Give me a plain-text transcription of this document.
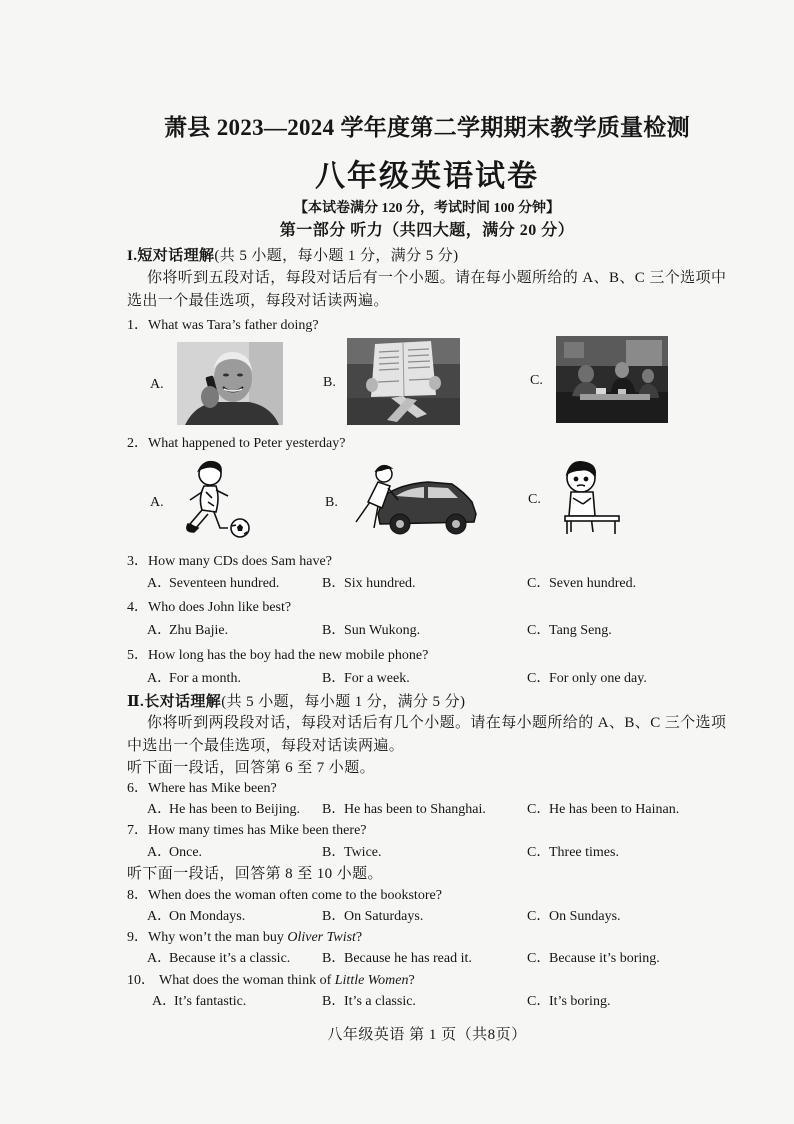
萧县 2023—2024 学年度第二学期期末教学质量检测
八年级英语试卷
【本试卷满分 120 分，考试时间 100 分钟】
第一部分 听力（共四大题，满分 20 分）
I.短对话理解(共 5 小题，每小题 1 分，满分 5 分)
你将听到五段对话，每段对话后有一个小题。请在每小题所给的 A、B、C 三个选项中
选出一个最佳选项，每段对话读两遍。
1．What was Tara’s father doing?
A.	B.	C.
2．What happened to Peter yesterday?
A.	B.	C.
3．How many CDs does Sam have?
A．Seventeen hundred.	B．Six hundred.	C．Seven hundred.
4．Who does John like best?
A．Zhu Bajie.	B．Sun Wukong.	C．Tang Seng.
5．How long has the boy had the new mobile phone?
A．For a month.	B．For a week.	C．For only one day.
Ⅱ.长对话理解(共 5 小题，每小题 1 分，满分 5 分)
你将听到两段段对话，每段对话后有几个小题。请在每小题所给的 A、B、C 三个选项
中选出一个最佳选项，每段对话读两遍。
听下面一段话，回答第 6 至 7 小题。
6．Where has Mike been?
A．He has been to Beijing. B．He has been to Shanghai.	C．He has been to Hainan.
7．How many times has Mike been there?
A．Once.	B．Twice.	C．Three times.
听下面一段话，回答第 8 至 10 小题。
8．When does the woman often come to the bookstore?
A．On Mondays.	B．On Saturdays.	C．On Sundays.
9．Why won’t the man buy Oliver Twist?
A．Because it’s a classic. B．Because he has read it.	C．Because it’s boring.
10． What does the woman think of Little Women?
A．It’s fantastic.	B．It’s a classic.	C．It’s boring.
八年级英语 第 1 页（共8页）
